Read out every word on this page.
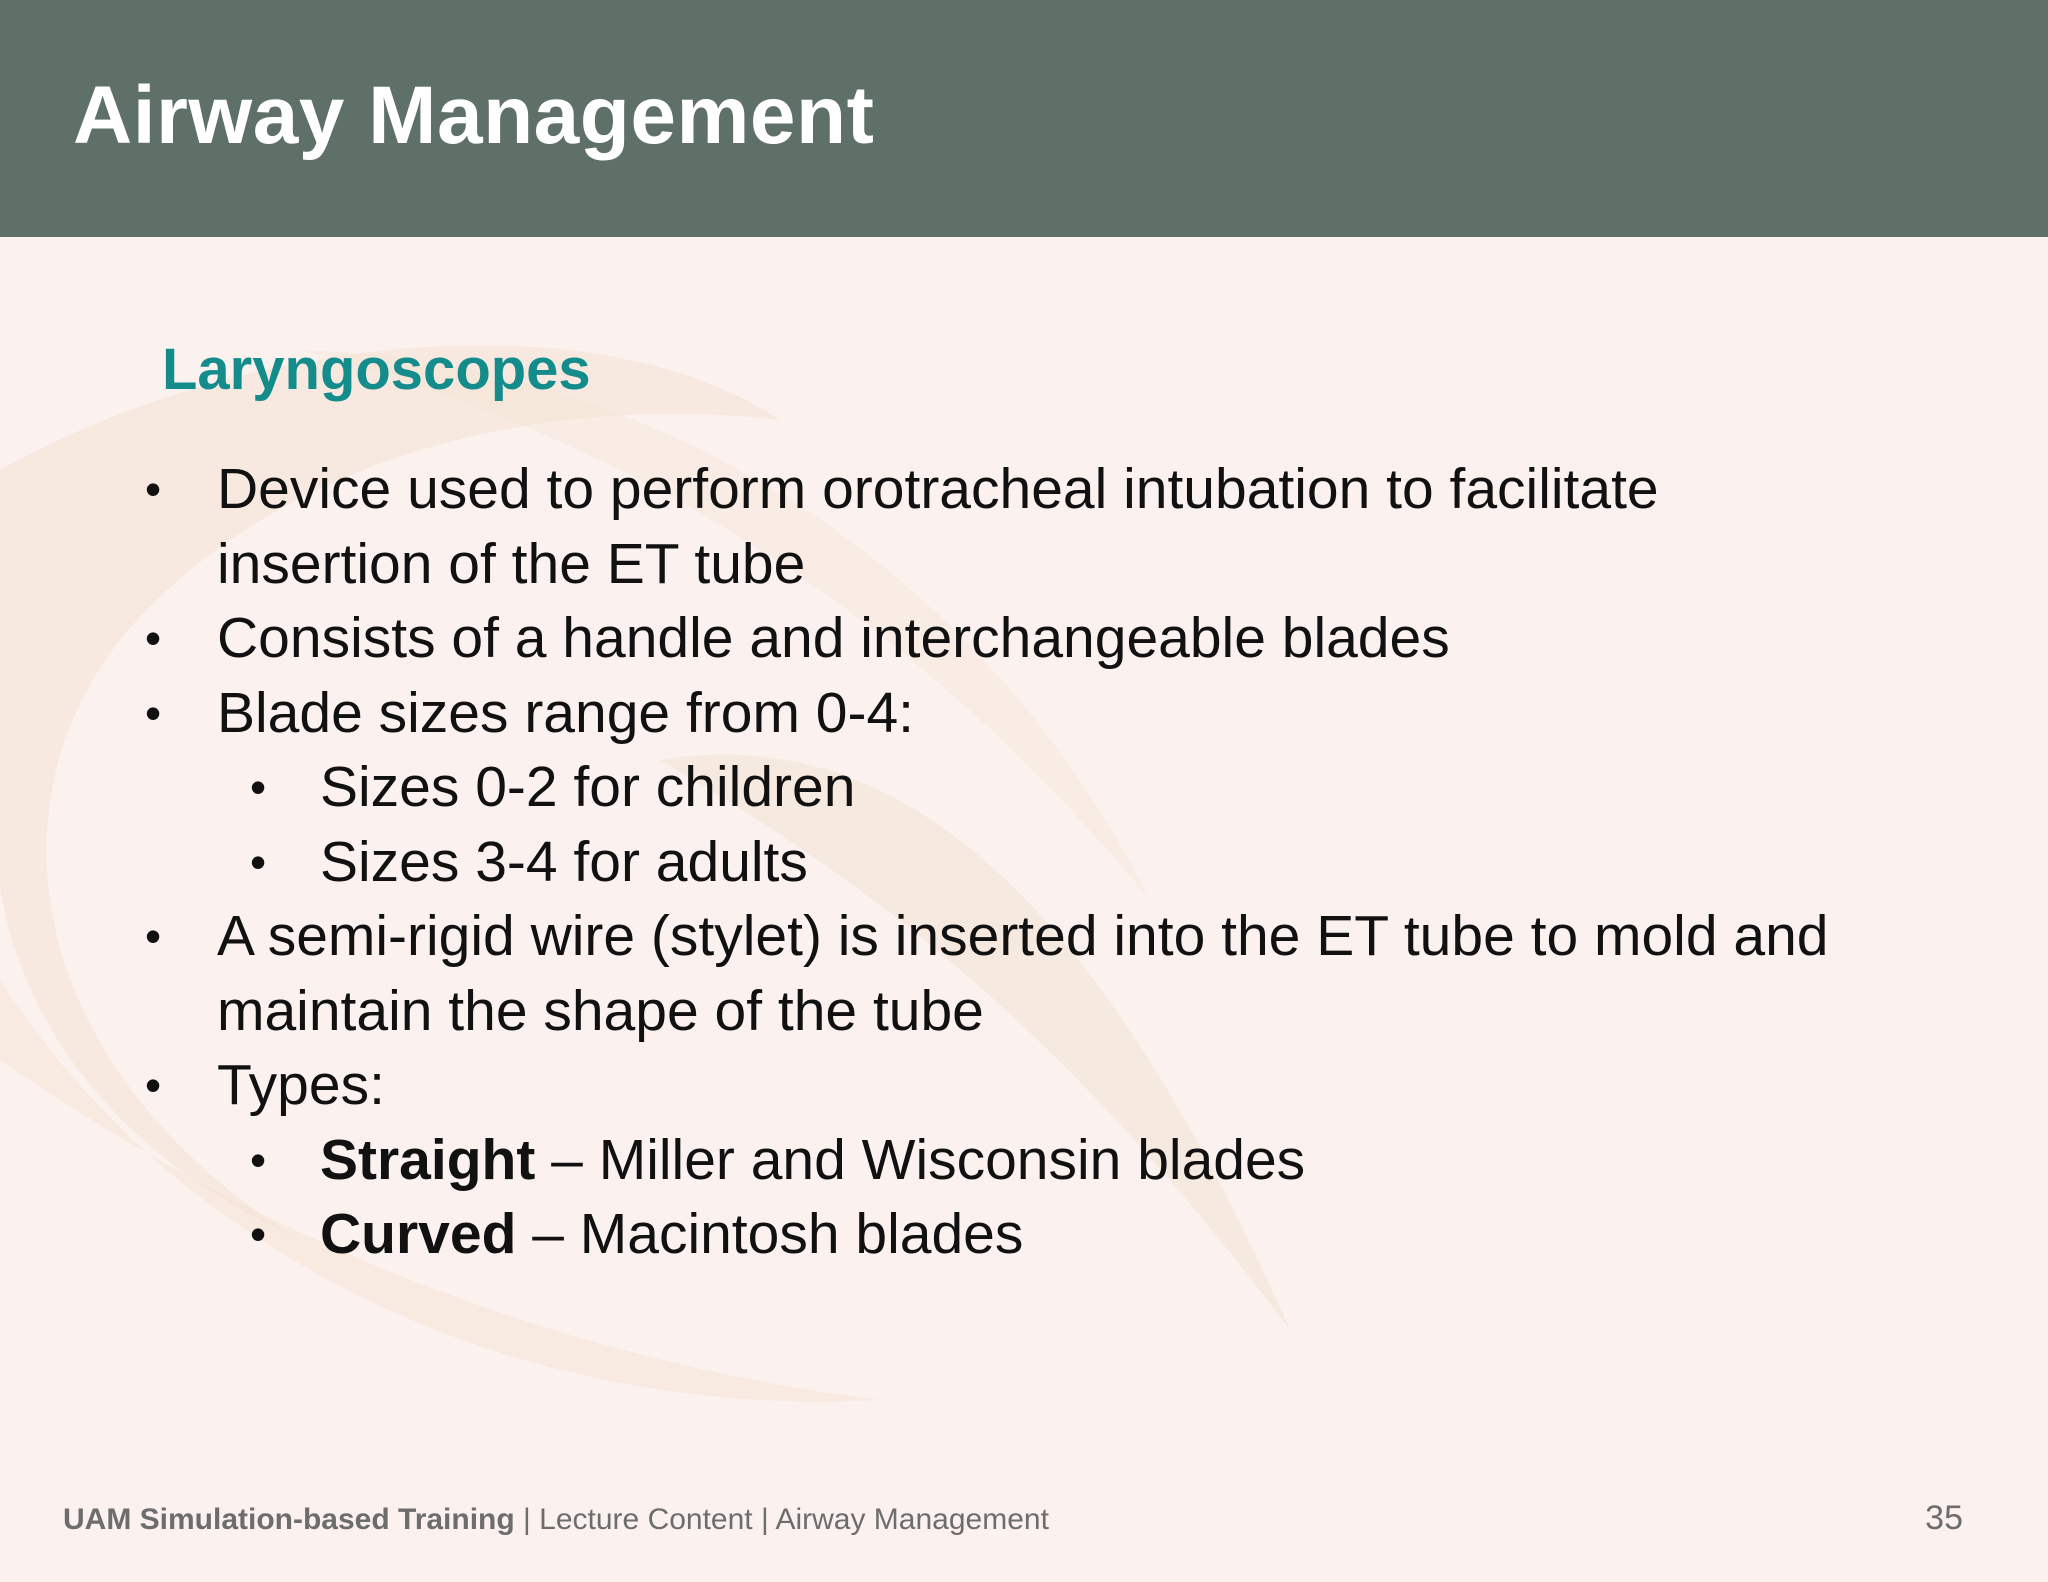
Airway Management
Laryngoscopes
• Device used to perform orotracheal intubation to facilitate
insertion of the ET tube
• Consists of a handle and interchangeable blades
• Blade sizes range from 0-4:
• Sizes 0-2 for children
• Sizes 3-4 for adults
• A semi-rigid wire (stylet) is inserted into the ET tube to mold and
maintain the shape of the tube
• Types:
• Straight – Miller and Wisconsin blades
• Curved – Macintosh blades
UAM Simulation-based Training | Lecture Content | Airway Management	35
